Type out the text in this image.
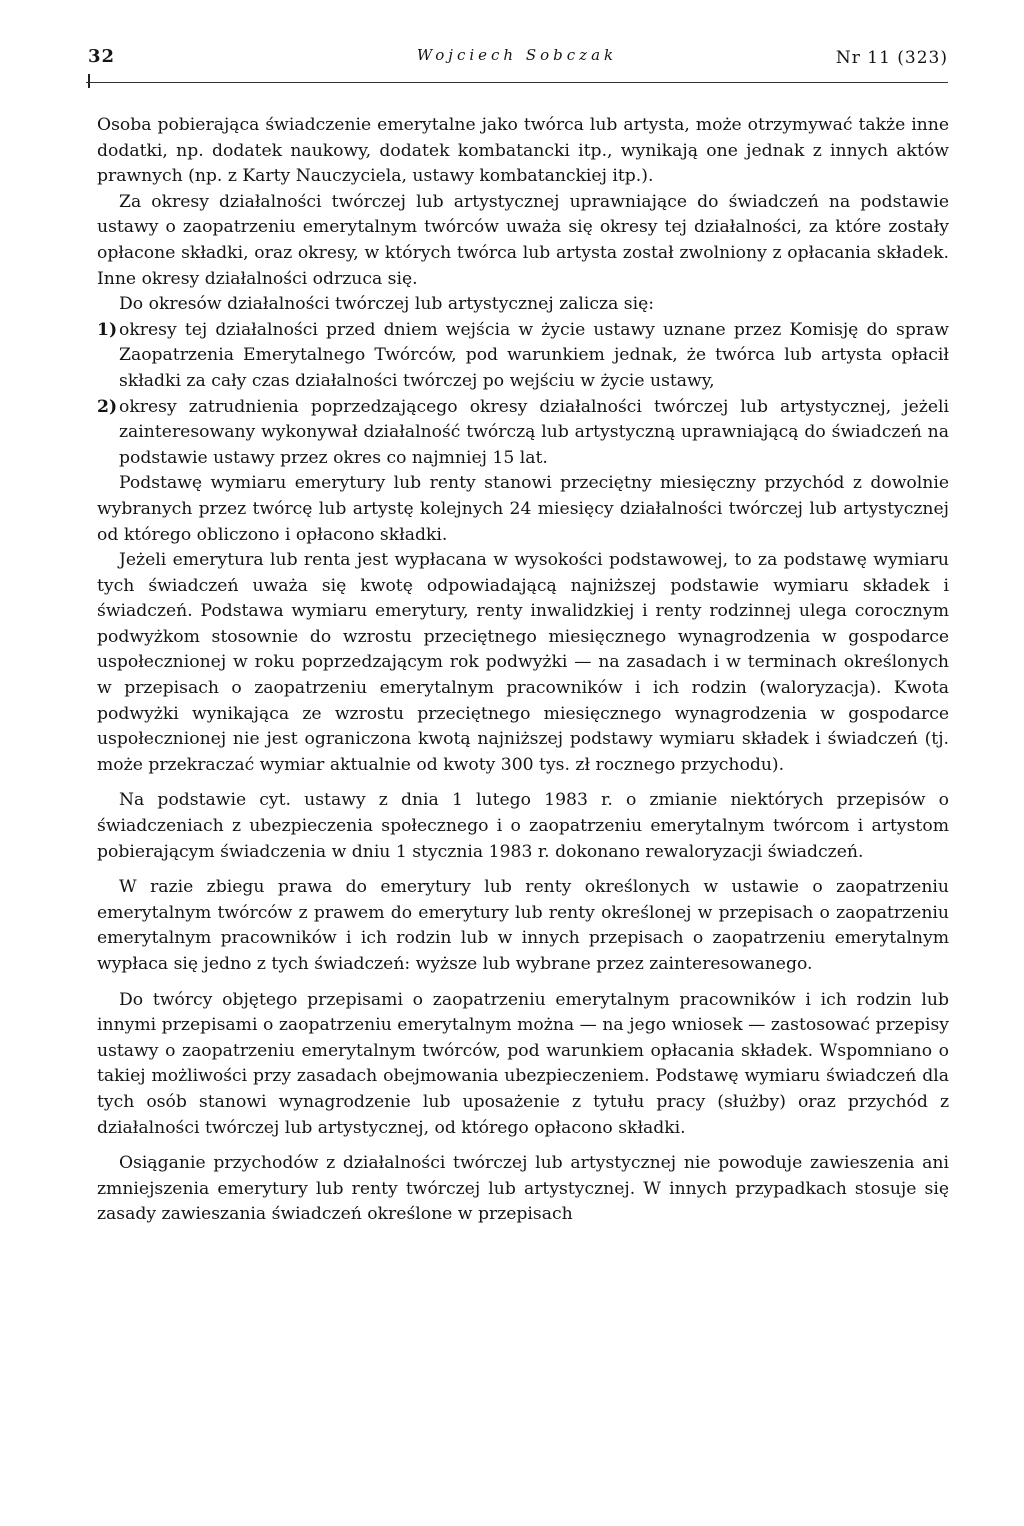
32	Wojciech Sobczak	Nr 11 (323)

Osoba pobierająca świadczenie emerytalne jako twórca lub artysta, może otrzymywać także inne dodatki, np. dodatek naukowy, dodatek kombatancki itp., wynikają one jednak z innych aktów prawnych (np. z Karty Nauczyciela, ustawy kombatanckiej itp.).

Za okresy działalności twórczej lub artystycznej uprawniające do świadczeń na podstawie ustawy o zaopatrzeniu emerytalnym twórców uważa się okresy tej działalności, za które zostały opłacone składki, oraz okresy, w których twórca lub artysta został zwolniony z opłacania składek. Inne okresy działalności odrzuca się.

Do okresów działalności twórczej lub artystycznej zalicza się:

1) okresy tej działalności przed dniem wejścia w życie ustawy uznane przez Komisję do spraw Zaopatrzenia Emerytalnego Twórców, pod warunkiem jednak, że twórca lub artysta opłacił składki za cały czas działalności twórczej po wejściu w życie ustawy,
2) okresy zatrudnienia poprzedzającego okresy działalności twórczej lub artystycznej, jeżeli zainteresowany wykonywał działalność twórczą lub artystyczną uprawniającą do świadczeń na podstawie ustawy przez okres co najmniej 15 lat.

Podstawę wymiaru emerytury lub renty stanowi przeciętny miesięczny przychód z dowolnie wybranych przez twórcę lub artystę kolejnych 24 miesięcy działalności twórczej lub artystycznej od którego obliczono i opłacono składki.

Jeżeli emerytura lub renta jest wypłacana w wysokości podstawowej, to za podstawę wymiaru tych świadczeń uważa się kwotę odpowiadającą najniższej podstawie wymiaru składek i świadczeń. Podstawa wymiaru emerytury, renty inwalidzkiej i renty rodzinnej ulega corocznym podwyżkom stosownie do wzrostu przeciętnego miesięcznego wynagrodzenia w gospodarce uspołecznionej w roku poprzedzającym rok podwyżki — na zasadach i w terminach określonych w przepisach o zaopatrzeniu emerytalnym pracowników i ich rodzin (waloryzacja). Kwota podwyżki wynikająca ze wzrostu przeciętnego miesięcznego wynagrodzenia w gospodarce uspołecznionej nie jest ograniczona kwotą najniższej podstawy wymiaru składek i świadczeń (tj. może przekraczać wymiar aktualnie od kwoty 300 tys. zł rocznego przychodu).

Na podstawie cyt. ustawy z dnia 1 lutego 1983 r. o zmianie niektórych przepisów o świadczeniach z ubezpieczenia społecznego i o zaopatrzeniu emerytalnym twórcom i artystom pobierającym świadczenia w dniu 1 stycznia 1983 r. dokonano rewaloryzacji świadczeń.

W razie zbiegu prawa do emerytury lub renty określonych w ustawie o zaopatrzeniu emerytalnym twórców z prawem do emerytury lub renty określonej w przepisach o zaopatrzeniu emerytalnym pracowników i ich rodzin lub w innych przepisach o zaopatrzeniu emerytalnym wypłaca się jedno z tych świadczeń: wyższe lub wybrane przez zainteresowanego.

Do twórcy objętego przepisami o zaopatrzeniu emerytalnym pracowników i ich rodzin lub innymi przepisami o zaopatrzeniu emerytalnym można — na jego wniosek — zastosować przepisy ustawy o zaopatrzeniu emerytalnym twórców, pod warunkiem opłacania składek. Wspomniano o takiej możliwości przy zasadach obejmowania ubezpieczeniem. Podstawę wymiaru świadczeń dla tych osób stanowi wynagrodzenie lub uposażenie z tytułu pracy (służby) oraz przychód z działalności twórczej lub artystycznej, od którego opłacono składki.

Osiąganie przychodów z działalności twórczej lub artystycznej nie powoduje zawieszenia ani zmniejszenia emerytury lub renty twórczej lub artystycznej. W innych przypadkach stosuje się zasady zawieszania świadczeń określone w przepisach
